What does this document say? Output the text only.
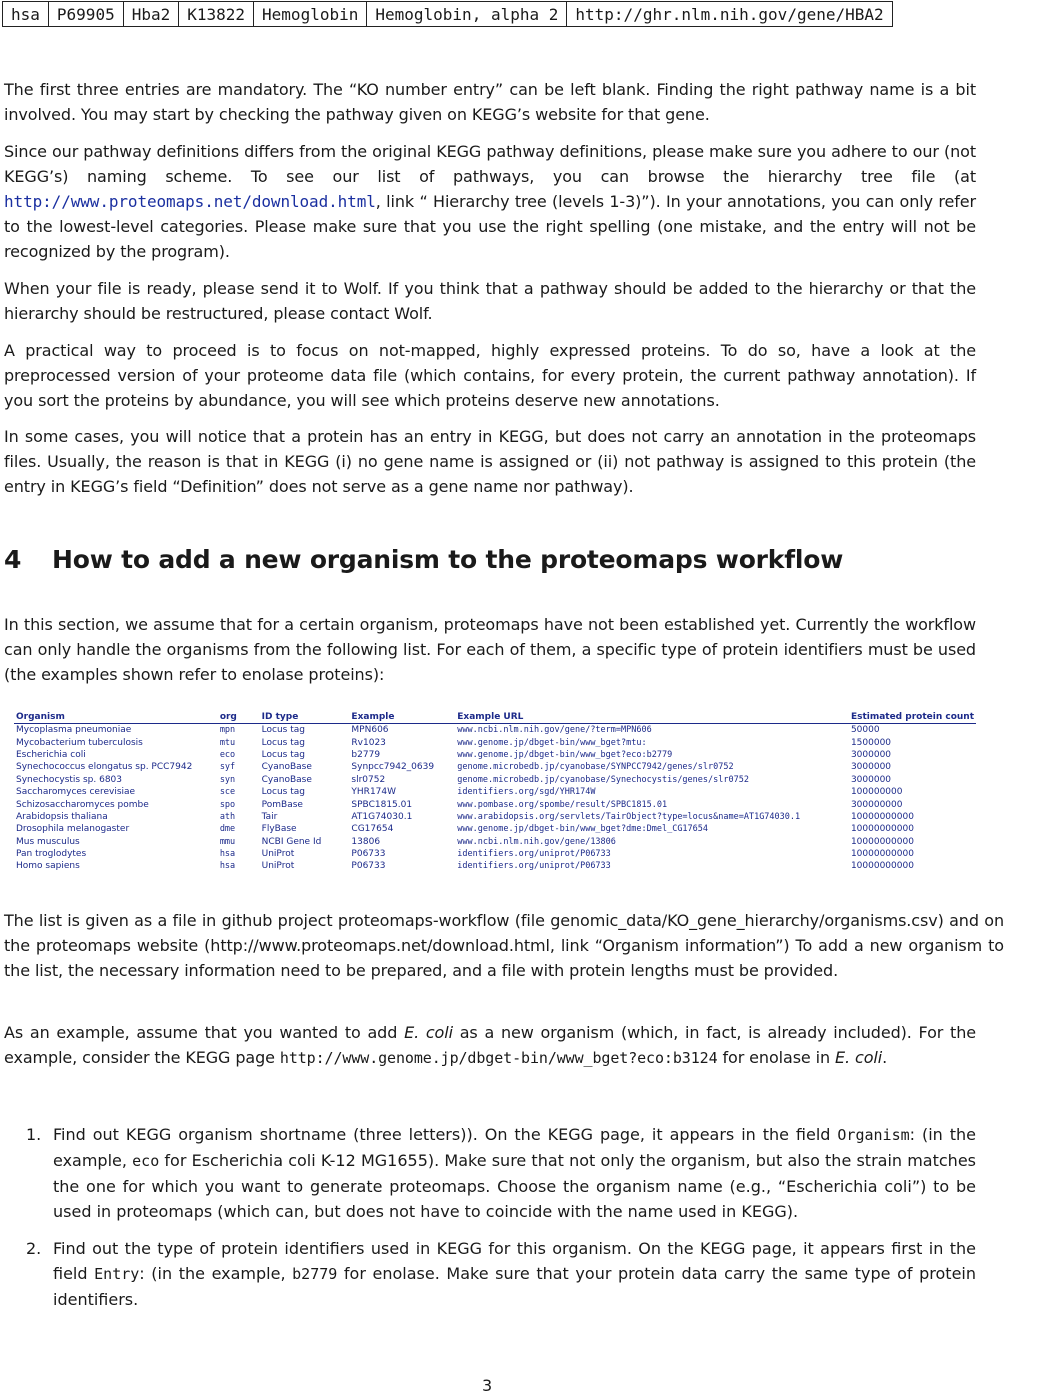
hsa	P69905	Hba2	K13822	Hemoglobin	Hemoglobin, alpha 2	http://ghr.nlm.nih.gov/gene/HBA2

The first three entries are mandatory. The “KO number entry” can be left blank. Finding the right pathway name is a bit involved. You may start by checking the pathway given on KEGG’s website for that gene.

Since our pathway definitions differs from the original KEGG pathway definitions, please make sure you adhere to our (not KEGG’s) naming scheme. To see our list of pathways, you can browse the hierarchy tree file (at http://www.proteomaps.net/download.html, link “ Hierarchy tree (levels 1-3)”). In your annotations, you can only refer to the lowest-level categories. Please make sure that you use the right spelling (one mistake, and the entry will not be recognized by the program).

When your file is ready, please send it to Wolf. If you think that a pathway should be added to the hierarchy or that the hierarchy should be restructured, please contact Wolf.

A practical way to proceed is to focus on not-mapped, highly expressed proteins. To do so, have a look at the preprocessed version of your proteome data file (which contains, for every protein, the current pathway annotation). If you sort the proteins by abundance, you will see which proteins deserve new annotations.

In some cases, you will notice that a protein has an entry in KEGG, but does not carry an annotation in the proteomaps files. Usually, the reason is that in KEGG (i) no gene name is assigned or (ii) not pathway is assigned to this protein (the entry in KEGG’s field “Definition” does not serve as a gene name nor pathway).

4 How to add a new organism to the proteomaps workflow

In this section, we assume that for a certain organism, proteomaps have not been established yet. Currently the workflow can only handle the organisms from the following list. For each of them, a specific type of protein identifiers must be used (the examples shown refer to enolase proteins):

Organism	org	ID type	Example	Example URL	Estimated protein count
Mycoplasma pneumoniae	mpn	Locus tag	MPN606	www.ncbi.nlm.nih.gov/gene/?term=MPN606	50000
Mycobacterium tuberculosis	mtu	Locus tag	Rv1023	www.genome.jp/dbget-bin/www_bget?mtu:	1500000
Escherichia coli	eco	Locus tag	b2779	www.genome.jp/dbget-bin/www_bget?eco:b2779	3000000
Synechococcus elongatus sp. PCC7942	syf	CyanoBase	Synpcc7942_0639	genome.microbedb.jp/cyanobase/SYNPCC7942/genes/slr0752	3000000
Synechocystis sp. 6803	syn	CyanoBase	slr0752	genome.microbedb.jp/cyanobase/Synechocystis/genes/slr0752	3000000
Saccharomyces cerevisiae	sce	Locus tag	YHR174W	identifiers.org/sgd/YHR174W	100000000
Schizosaccharomyces pombe	spo	PomBase	SPBC1815.01	www.pombase.org/spombe/result/SPBC1815.01	300000000
Arabidopsis thaliana	ath	Tair	AT1G74030.1	www.arabidopsis.org/servlets/TairObject?type=locus&name=AT1G74030.1	10000000000
Drosophila melanogaster	dme	FlyBase	CG17654	www.genome.jp/dbget-bin/www_bget?dme:Dmel_CG17654	10000000000
Mus musculus	mmu	NCBI Gene Id	13806	www.ncbi.nlm.nih.gov/gene/13806	10000000000
Pan troglodytes	hsa	UniProt	P06733	identifiers.org/uniprot/P06733	10000000000
Homo sapiens	hsa	UniProt	P06733	identifiers.org/uniprot/P06733	10000000000

The list is given as a file in github project proteomaps-workflow (file genomic_data/KO_gene_hierarchy/organisms.csv) and on the proteomaps website (http://www.proteomaps.net/download.html, link “Organism information”) To add a new organism to the list, the necessary information need to be prepared, and a file with protein lengths must be provided.

As an example, assume that you wanted to add E. coli as a new organism (which, in fact, is already included). For the example, consider the KEGG page http://www.genome.jp/dbget-bin/www_bget?eco:b3124 for enolase in E. coli.

1. Find out KEGG organism shortname (three letters)). On the KEGG page, it appears in the field Organism: (in the example, eco for Escherichia coli K-12 MG1655). Make sure that not only the organism, but also the strain matches the one for which you want to generate proteomaps. Choose the organism name (e.g., “Escherichia coli”) to be used in proteomaps (which can, but does not have to coincide with the name used in KEGG).
2. Find out the type of protein identifiers used in KEGG for this organism. On the KEGG page, it appears first in the field Entry: (in the example, b2779 for enolase. Make sure that your protein data carry the same type of protein identifiers.
3
